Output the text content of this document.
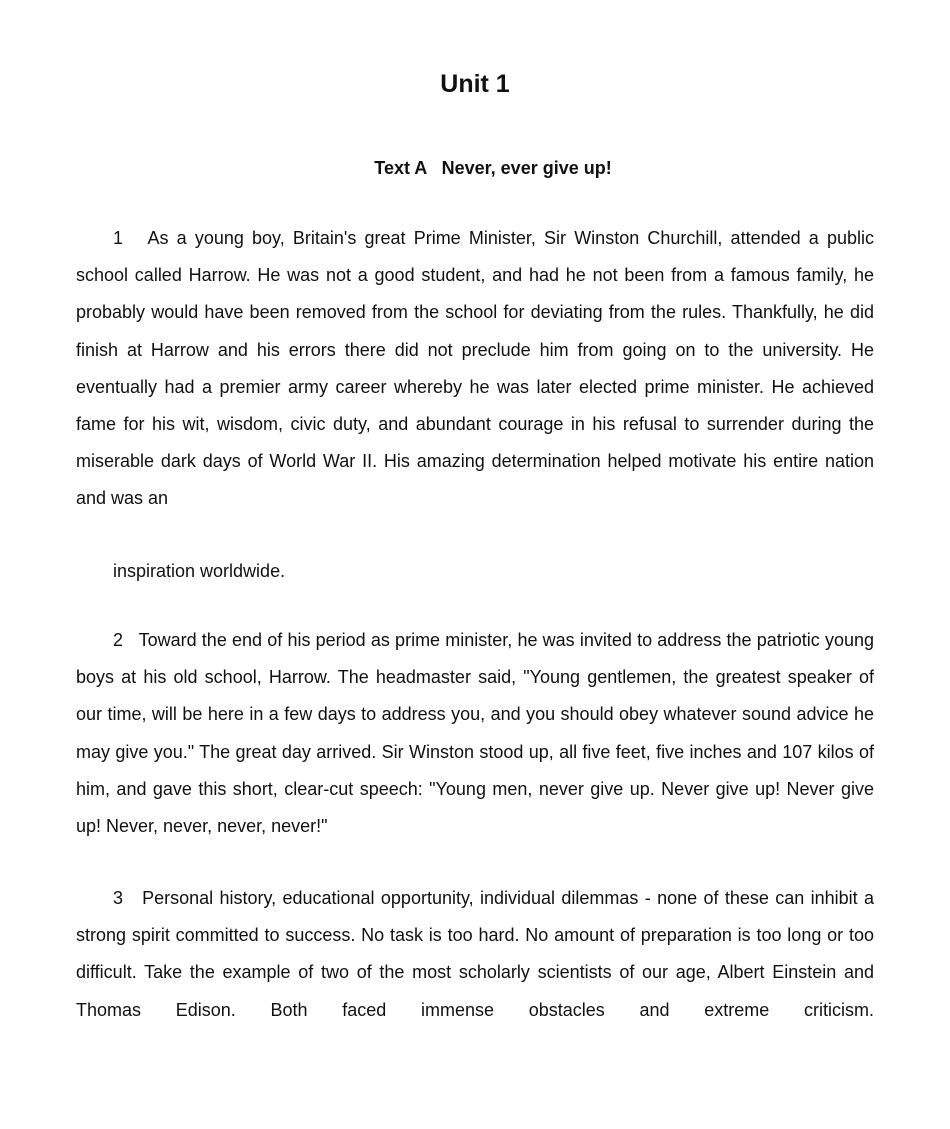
Unit 1
Text A   Never, ever give up!

1 As a young boy, Britain's great Prime Minister, Sir Winston Churchill, attended a public school called Harrow. He was not a good student, and had he not been from a famous family, he probably would have been removed from the school for deviating from the rules. Thankfully, he did finish at Harrow and his errors there did not preclude him from going on to the university. He eventually had a premier army career whereby he was later elected prime minister. He achieved fame for his wit, wisdom, civic duty, and abundant courage in his refusal to surrender during the miserable dark days of World War II. His amazing determination helped motivate his entire nation and was an

inspiration worldwide.

2 Toward the end of his period as prime minister, he was invited to address the patriotic young boys at his old school, Harrow. The headmaster said, "Young gentlemen, the greatest speaker of our time, will be here in a few days to address you, and you should obey whatever sound advice he may give you." The great day arrived. Sir Winston stood up, all five feet, five inches and 107 kilos of him, and gave this short, clear-cut speech: "Young men, never give up. Never give up! Never give up! Never, never, never, never!"

3 Personal history, educational opportunity, individual dilemmas - none of these can inhibit a strong spirit committed to success. No task is too hard. No amount of preparation is too long or too difficult. Take the example of two of the most scholarly scientists of our age, Albert Einstein and Thomas Edison. Both faced immense obstacles and extreme criticism.
